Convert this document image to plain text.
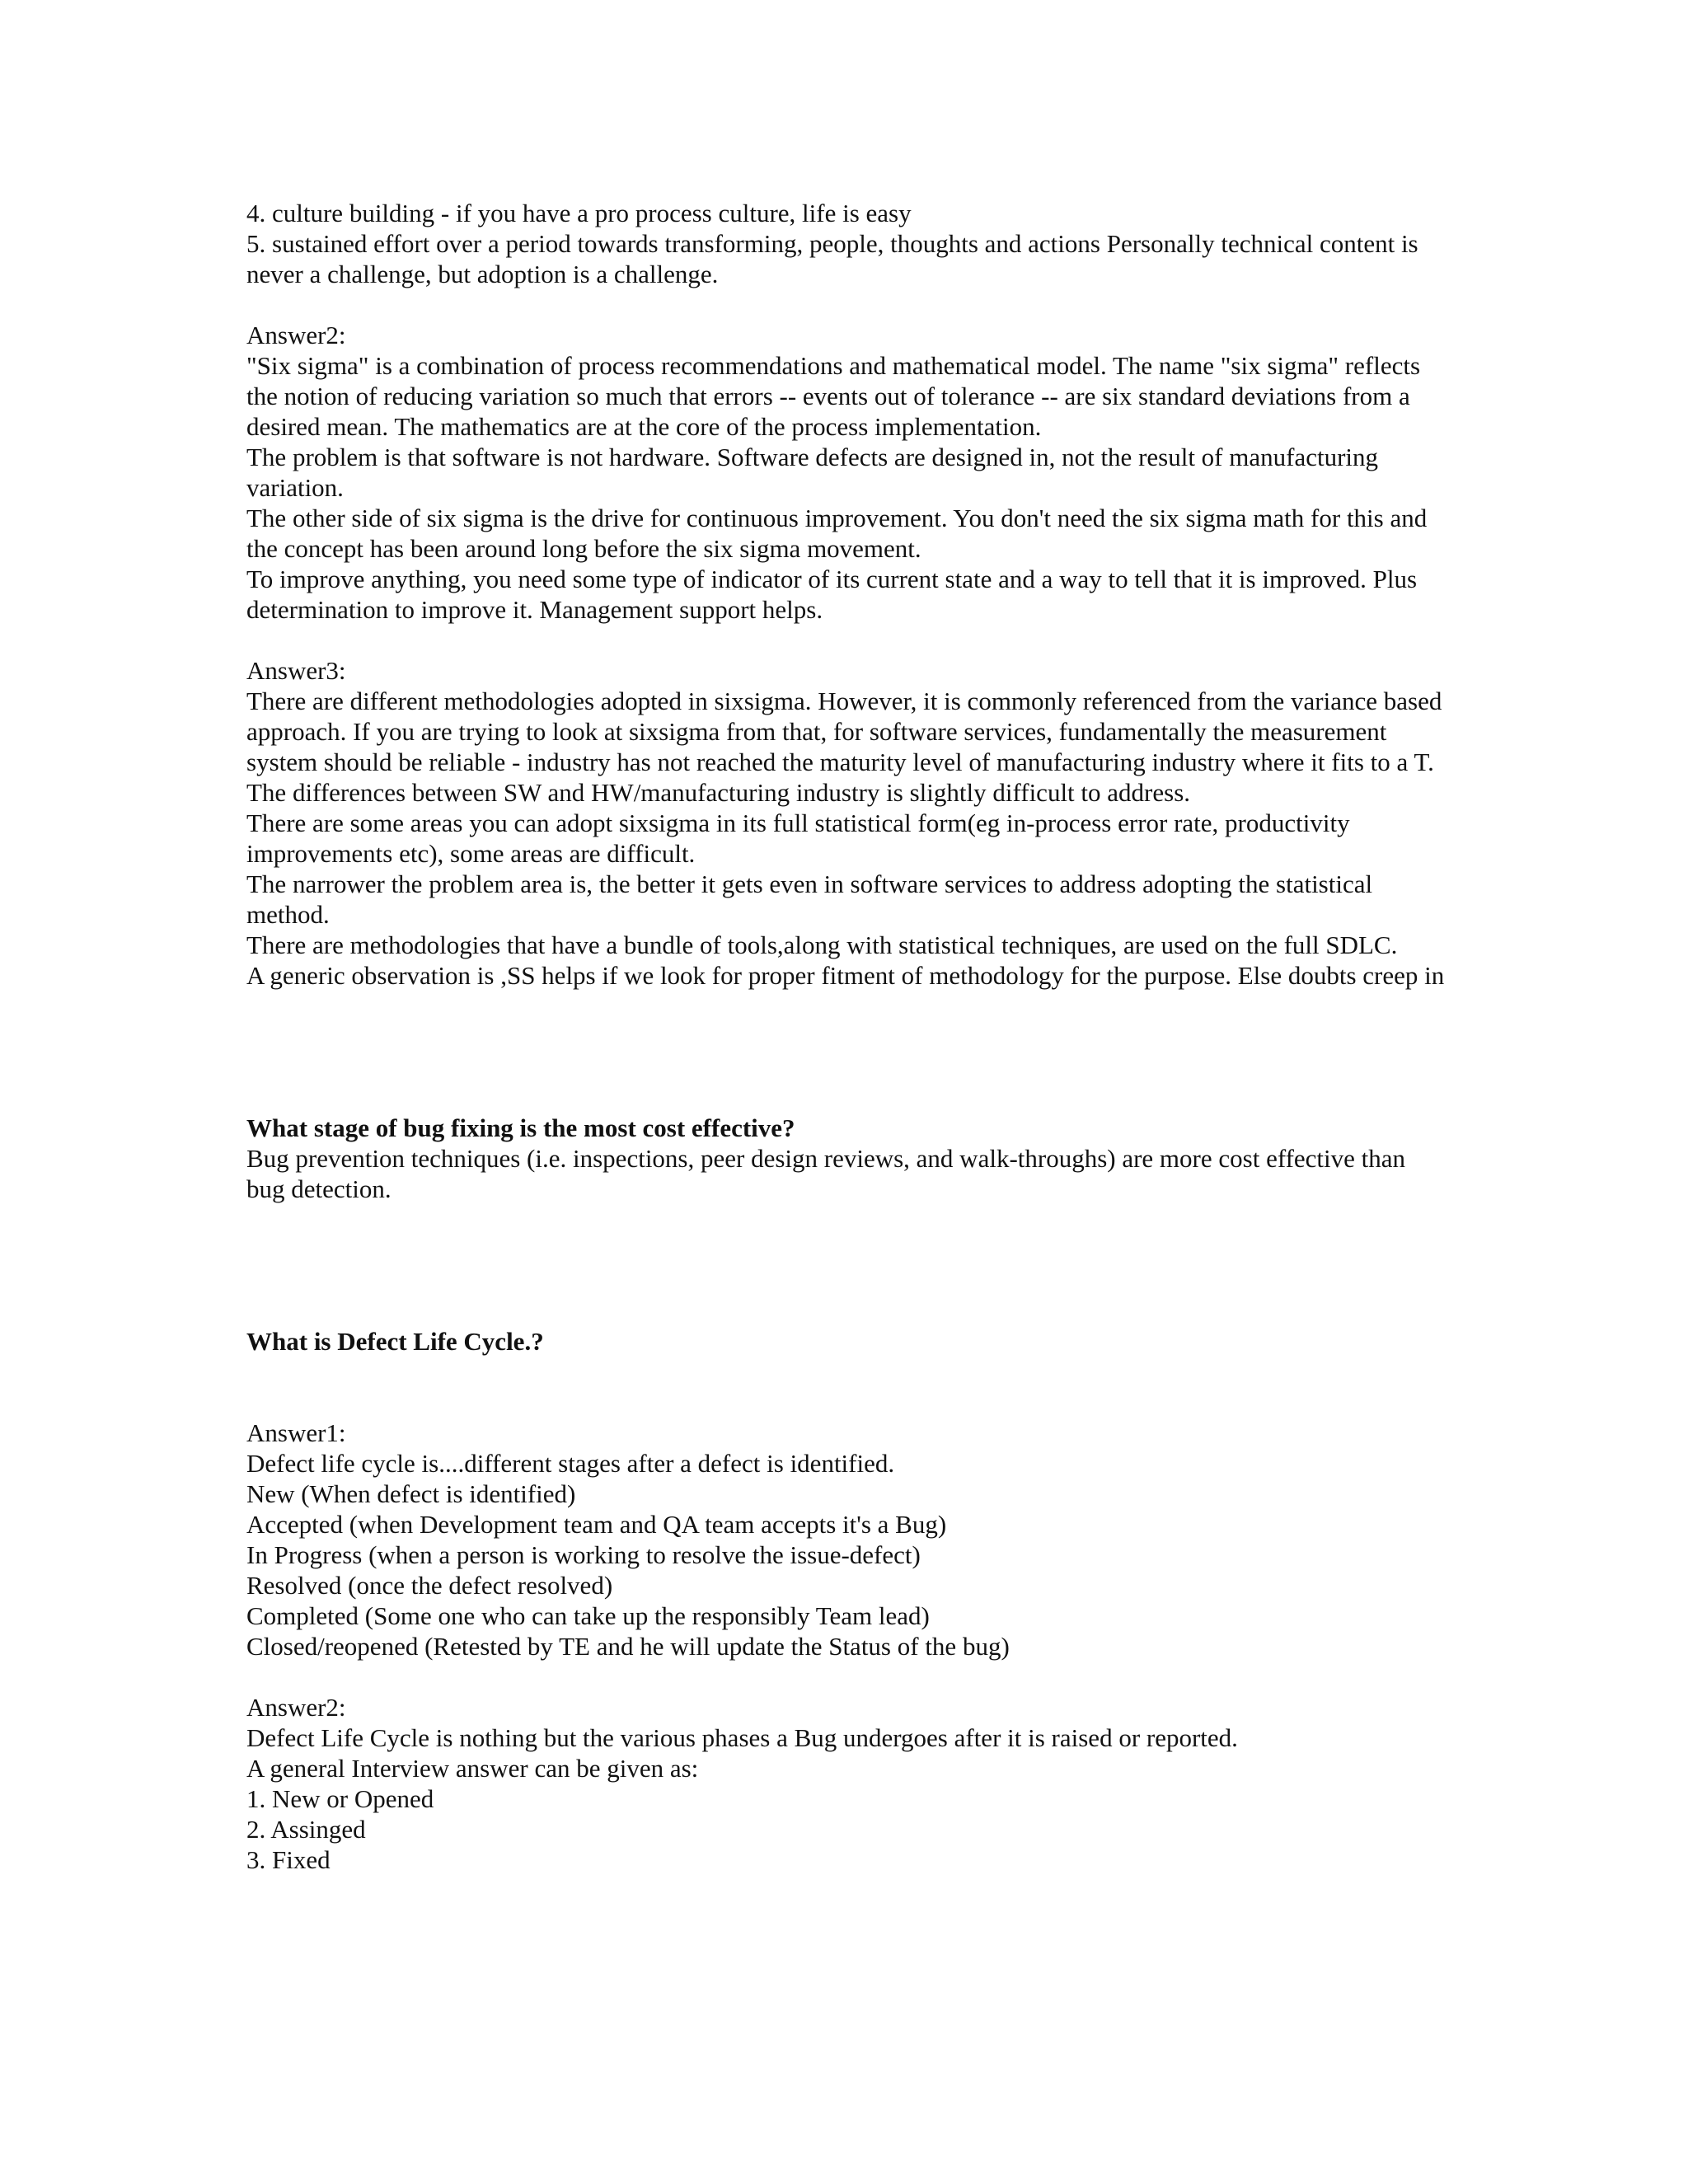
4. culture building - if you have a pro process culture, life is easy
5. sustained effort over a period towards transforming, people, thoughts and actions Personally technical content is never a challenge, but adoption is a challenge.
Answer2:
"Six sigma" is a combination of process recommendations and mathematical model. The name "six sigma" reflects the notion of reducing variation so much that errors -- events out of tolerance -- are six standard deviations from a desired mean. The mathematics are at the core of the process implementation.
The problem is that software is not hardware. Software defects are designed in, not the result of manufacturing variation.
The other side of six sigma is the drive for continuous improvement. You don't need the six sigma math for this and the concept has been around long before the six sigma movement.
To improve anything, you need some type of indicator of its current state and a way to tell that it is improved. Plus determination to improve it. Management support helps.
Answer3:
There are different methodologies adopted in sixsigma. However, it is commonly referenced from the variance based approach. If you are trying to look at sixsigma from that, for software services, fundamentally the measurement system should be reliable - industry has not reached the maturity level of manufacturing industry where it fits to a T. The differences between SW and HW/manufacturing industry is slightly difficult to address.
There are some areas you can adopt sixsigma in its full statistical form(eg in-process error rate, productivity improvements etc), some areas are difficult.
The narrower the problem area is, the better it gets even in software services to address adopting the statistical method.
There are methodologies that have a bundle of tools,along with statistical techniques, are used on the full SDLC.
A generic observation is ,SS helps if we look for proper fitment of methodology for the purpose. Else doubts creep in
What stage of bug fixing is the most cost effective?
Bug prevention techniques (i.e. inspections, peer design reviews, and walk-throughs) are more cost effective than bug detection.
What is Defect Life Cycle.?
Answer1:
Defect life cycle is....different stages after a defect is identified.
New (When defect is identified)
Accepted (when Development team and QA team accepts it's a Bug)
In Progress (when a person is working to resolve the issue-defect)
Resolved (once the defect resolved)
Completed (Some one who can take up the responsibly Team lead)
Closed/reopened (Retested by TE and he will update the Status of the bug)
Answer2:
Defect Life Cycle is nothing but the various phases a Bug undergoes after it is raised or reported.
A general Interview answer can be given as:
1. New or Opened
2. Assinged
3. Fixed
